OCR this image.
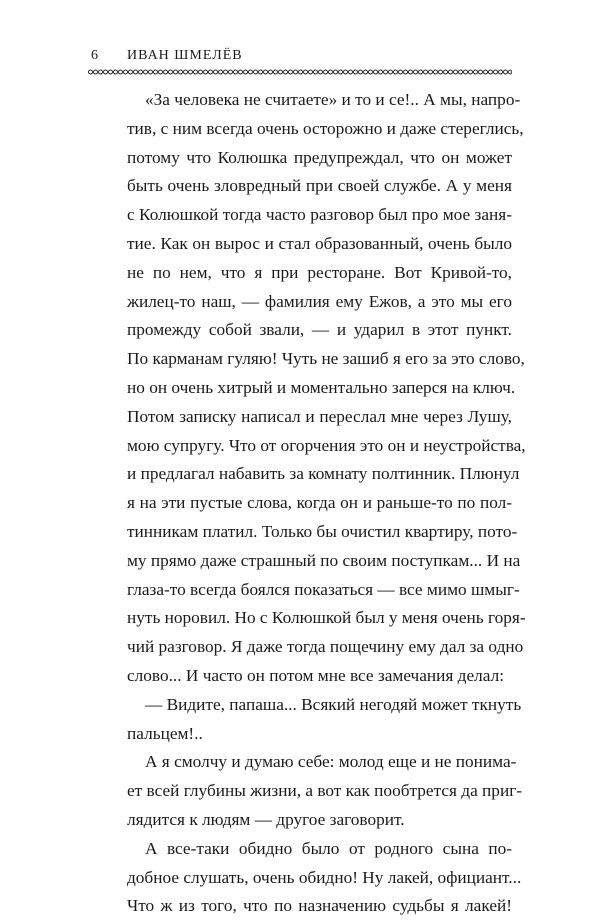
6 ИВАН ШМЕЛЁВ
«За человека не считаете» и то и се!.. А мы, напро-
тив, с ним всегда очень осторожно и даже стереглись,
потому что Колюшка предупреждал, что он может
быть очень зловредный при своей службе. А у меня
с Колюшкой тогда часто разговор был про мое заня-
тие. Как он вырос и стал образованный, очень было
не по нем, что я при ресторане. Вот Кривой-то,
жилец-то наш, — фамилия ему Ежов, а это мы его
промежду собой звали, — и ударил в этот пункт.
По карманам гуляю! Чуть не зашиб я его за это слово,
но он очень хитрый и моментально заперся на ключ.
Потом записку написал и переслал мне через Лушу,
мою супругу. Что от огорчения это он и неустройства,
и предлагал набавить за комнату полтинник. Плюнул
я на эти пустые слова, когда он и раньше-то по пол-
тинникам платил. Только бы очистил квартиру, пото-
му прямо даже страшный по своим поступкам... И на
глаза-то всегда боялся показаться — все мимо шмыг-
нуть норовил. Но с Колюшкой был у меня очень горя-
чий разговор. Я даже тогда пощечину ему дал за одно
слово... И часто он потом мне все замечания делал:
— Видите, папаша... Всякий негодяй может ткнуть
пальцем!..
А я смолчу и думаю себе: молод еще и не понима-
ет всей глубины жизни, а вот как пообтрется да приг-
лядится к людям — другое заговорит.
А все-таки обидно было от родного сына по-
добное слушать, очень обидно! Ну лакей, официант...
Что ж из того, что по назначению судьбы я лакей!
